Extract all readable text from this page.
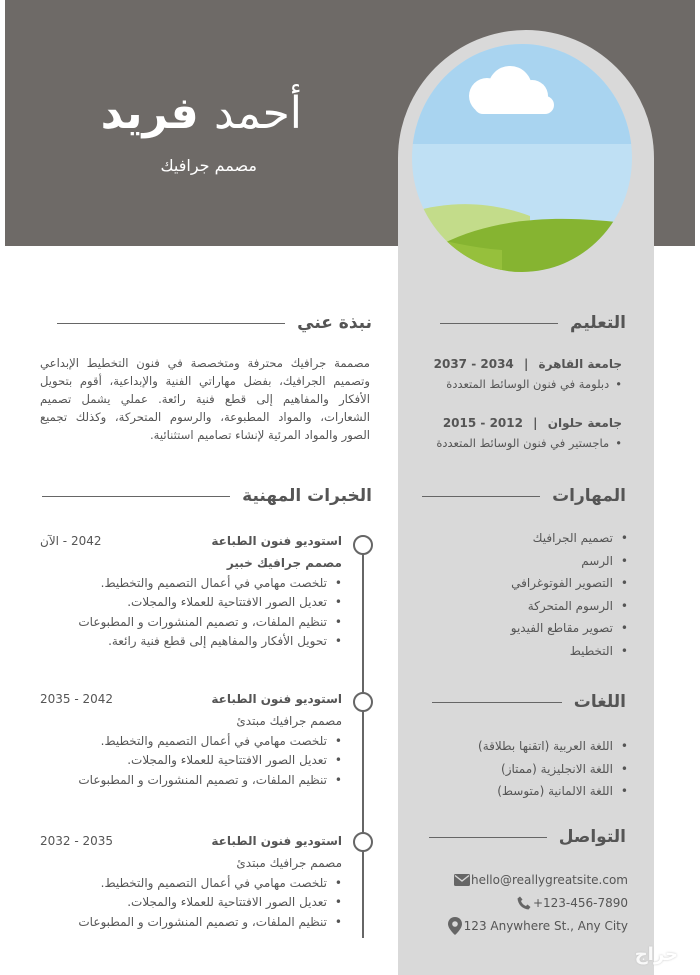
أحمد فريد
مصمم جرافيك
التعليم
جامعة القاهرة | 2034 - 2037
• دبلومة في فنون الوسائط المتعددة
جامعة حلوان | 2012 - 2015
• ماجستير في فنون الوسائط المتعددة
المهارات
• تصميم الجرافيك
• الرسم
• التصوير الفوتوغرافي
• الرسوم المتحركة
• تصوير مقاطع الفيديو
• التخطيط
اللغات
• اللغة العربية (اتقنها بطلاقة)
• اللغة الانجليزية (ممتاز)
• اللغة الالمانية (متوسط)
التواصل
hello@reallygreatsite.com
+123-456-7890
123 Anywhere St., Any City
نبذة عني
مصممة جرافيك محترفة ومتخصصة في فنون التخطيط الإبداعي وتصميم الجرافيك، بفضل مهاراتي الفنية والإبداعية، أقوم بتحويل الأفكار والمفاهيم إلى قطع فنية رائعة. عملي يشمل تصميم الشعارات، والمواد المطبوعة، والرسوم المتحركة، وكذلك تجميع الصور والمواد المرئية لإنشاء تصاميم استثنائية.
الخبرات المهنية
2042 - الآن	استوديو فنون الطباعة
مصمم جرافيك خبير
• تلخصت مهامي في أعمال التصميم والتخطيط.
• تعديل الصور الافتتاحية للعملاء والمجلات.
• تنظيم الملفات، و تصميم المنشورات و المطبوعات
• تحويل الأفكار والمفاهيم إلى قطع فنية رائعة.
2035 - 2042	استوديو فنون الطباعة
مصمم جرافيك مبتدئ
• تلخصت مهامي في أعمال التصميم والتخطيط.
• تعديل الصور الافتتاحية للعملاء والمجلات.
• تنظيم الملفات، و تصميم المنشورات و المطبوعات
2032 - 2035	استوديو فنون الطباعة
مصمم جرافيك مبتدئ
• تلخصت مهامي في أعمال التصميم والتخطيط.
• تعديل الصور الافتتاحية للعملاء والمجلات.
• تنظيم الملفات، و تصميم المنشورات و المطبوعات
حراج
